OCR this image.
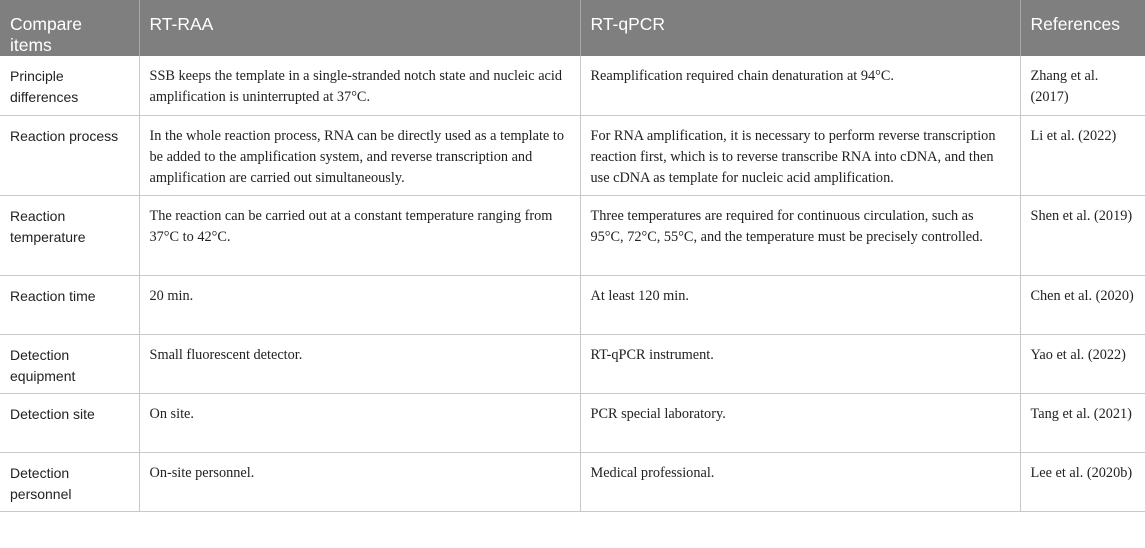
Compare items	RT-RAA	RT-qPCR	References
Principle differences	SSB keeps the template in a single-stranded notch state and nucleic acid amplification is uninterrupted at 37°C.	Reamplification required chain denaturation at 94°C.	Zhang et al. (2017)
Reaction process	In the whole reaction process, RNA can be directly used as a template to be added to the amplification system, and reverse transcription and amplification are carried out simultaneously.	For RNA amplification, it is necessary to perform reverse transcription reaction first, which is to reverse transcribe RNA into cDNA, and then use cDNA as template for nucleic acid amplification.	Li et al. (2022)
Reaction temperature	The reaction can be carried out at a constant temperature ranging from 37°C to 42°C.	Three temperatures are required for continuous circulation, such as 95°C, 72°C, 55°C, and the temperature must be precisely controlled.	Shen et al. (2019)
Reaction time	20 min.	At least 120 min.	Chen et al. (2020)
Detection equipment	Small fluorescent detector.	RT-qPCR instrument.	Yao et al. (2022)
Detection site	On site.	PCR special laboratory.	Tang et al. (2021)
Detection personnel	On-site personnel.	Medical professional.	Lee et al. (2020b)
